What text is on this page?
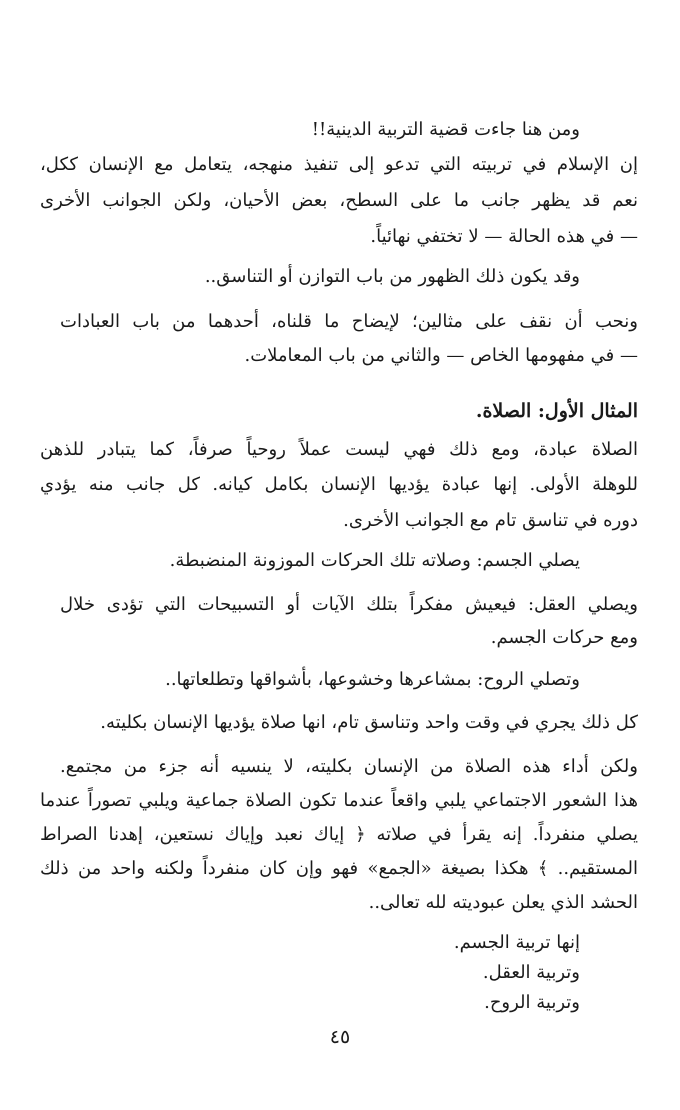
ومن هنا جاءت قضية التربية الدينية!!

إن الإسلام في تربيته التي تدعو إلى تنفيذ منهجه، يتعامل مع الإنسان ككل،

نعم قد يظهر جانب ما على السطح، بعض الأحيان، ولكن الجوانب الأخرى

— في هذه الحالة — لا تختفي نهائياً.

وقد يكون ذلك الظهور من باب التوازن أو التناسق..

ونحب أن نقف على مثالين؛ لإيضاح ما قلناه، أحدهما من باب العبادات

— في مفهومها الخاص — والثاني من باب المعاملات.

المثال الأول: الصلاة.

الصلاة عبادة، ومع ذلك فهي ليست عملاً روحياً صرفاً، كما يتبادر للذهن

للوهلة الأولى. إنها عبادة يؤديها الإنسان بكامل كيانه. كل جانب منه يؤدي

دوره في تناسق تام مع الجوانب الأخرى.

يصلي الجسم: وصلاته تلك الحركات الموزونة المنضبطة.

ويصلي العقل: فيعيش مفكراً بتلك الآيات أو التسبيحات التي تؤدى خلال

ومع حركات الجسم.

وتصلي الروح: بمشاعرها وخشوعها، بأشواقها وتطلعاتها..

كل ذلك يجري في وقت واحد وتناسق تام، انها صلاة يؤديها الإنسان بكليته.

ولكن أداء هذه الصلاة من الإنسان بكليته، لا ينسيه أنه جزء من مجتمع.

هذا الشعور الاجتماعي يلبي واقعاً عندما تكون الصلاة جماعية ويلبي تصوراً عندما

يصلي منفرداً. إنه يقرأ في صلاته ﴿ إياك نعبد وإياك نستعين، إهدنا الصراط

المستقيم.. ﴾ هكذا بصيغة «الجمع» فهو وإن كان منفرداً ولكنه واحد من ذلك

الحشد الذي يعلن عبوديته لله تعالى..

إنها تربية الجسم.

وتربية العقل.

وتربية الروح.

٤٥
